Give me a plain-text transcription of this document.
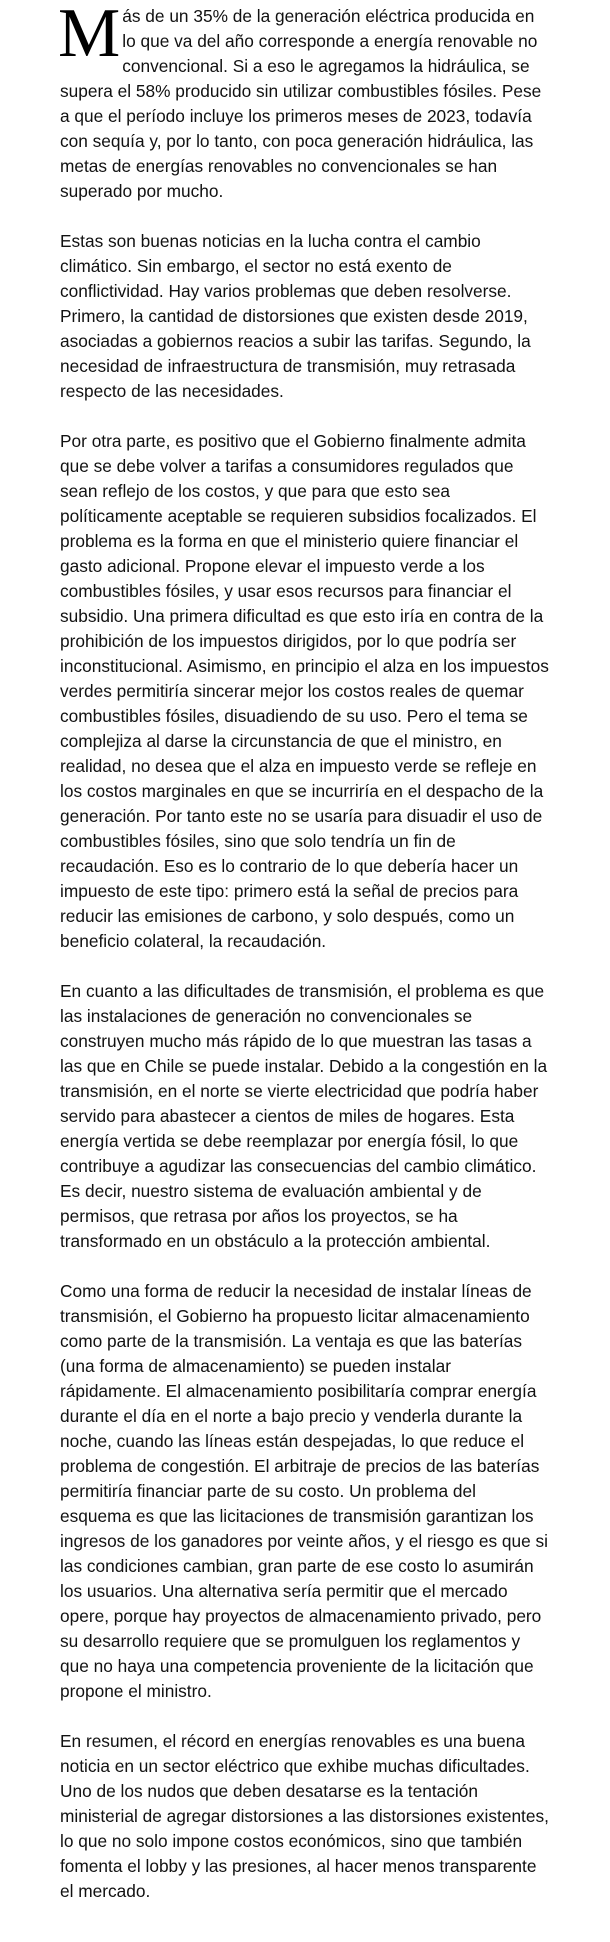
Más de un 35% de la generación eléctrica producida en lo que va del año corresponde a energía renovable no convencional. Si a eso le agregamos la hidráulica, se supera el 58% producido sin utilizar combustibles fósiles. Pese a que el período incluye los primeros meses de 2023, todavía con sequía y, por lo tanto, con poca generación hidráulica, las metas de energías renovables no convencionales se han superado por mucho.

Estas son buenas noticias en la lucha contra el cambio climático. Sin embargo, el sector no está exento de conflictividad. Hay varios problemas que deben resolverse. Primero, la cantidad de distorsiones que existen desde 2019, asociadas a gobiernos reacios a subir las tarifas. Segundo, la necesidad de infraestructura de transmisión, muy retrasada respecto de las necesidades.

Por otra parte, es positivo que el Gobierno finalmente admita que se debe volver a tarifas a consumidores regulados que sean reflejo de los costos, y que para que esto sea políticamente aceptable se requieren subsidios focalizados. El problema es la forma en que el ministerio quiere financiar el gasto adicional. Propone elevar el impuesto verde a los combustibles fósiles, y usar esos recursos para financiar el subsidio. Una primera dificultad es que esto iría en contra de la prohibición de los impuestos dirigidos, por lo que podría ser inconstitucional. Asimismo, en principio el alza en los impuestos verdes permitiría sincerar mejor los costos reales de quemar combustibles fósiles, disuadiendo de su uso. Pero el tema se complejiza al darse la circunstancia de que el ministro, en realidad, no desea que el alza en impuesto verde se refleje en los costos marginales en que se incurriría en el despacho de la generación. Por tanto este no se usaría para disuadir el uso de combustibles fósiles, sino que solo tendría un fin de recaudación. Eso es lo contrario de lo que debería hacer un impuesto de este tipo: primero está la señal de precios para reducir las emisiones de carbono, y solo después, como un beneficio colateral, la recaudación.

En cuanto a las dificultades de transmisión, el problema es que las instalaciones de generación no convencionales se construyen mucho más rápido de lo que muestran las tasas a las que en Chile se puede instalar. Debido a la congestión en la transmisión, en el norte se vierte electricidad que podría haber servido para abastecer a cientos de miles de hogares. Esta energía vertida se debe reemplazar por energía fósil, lo que contribuye a agudizar las consecuencias del cambio climático. Es decir, nuestro sistema de evaluación ambiental y de permisos, que retrasa por años los proyectos, se ha transformado en un obstáculo a la protección ambiental.

Como una forma de reducir la necesidad de instalar líneas de transmisión, el Gobierno ha propuesto licitar almacenamiento como parte de la transmisión. La ventaja es que las baterías (una forma de almacenamiento) se pueden instalar rápidamente. El almacenamiento posibilitaría comprar energía durante el día en el norte a bajo precio y venderla durante la noche, cuando las líneas están despejadas, lo que reduce el problema de congestión. El arbitraje de precios de las baterías permitiría financiar parte de su costo. Un problema del esquema es que las licitaciones de transmisión garantizan los ingresos de los ganadores por veinte años, y el riesgo es que si las condiciones cambian, gran parte de ese costo lo asumirán los usuarios. Una alternativa sería permitir que el mercado opere, porque hay proyectos de almacenamiento privado, pero su desarrollo requiere que se promulguen los reglamentos y que no haya una competencia proveniente de la licitación que propone el ministro.

En resumen, el récord en energías renovables es una buena noticia en un sector eléctrico que exhibe muchas dificultades. Uno de los nudos que deben desatarse es la tentación ministerial de agregar distorsiones a las distorsiones existentes, lo que no solo impone costos económicos, sino que también fomenta el lobby y las presiones, al hacer menos transparente el mercado.
